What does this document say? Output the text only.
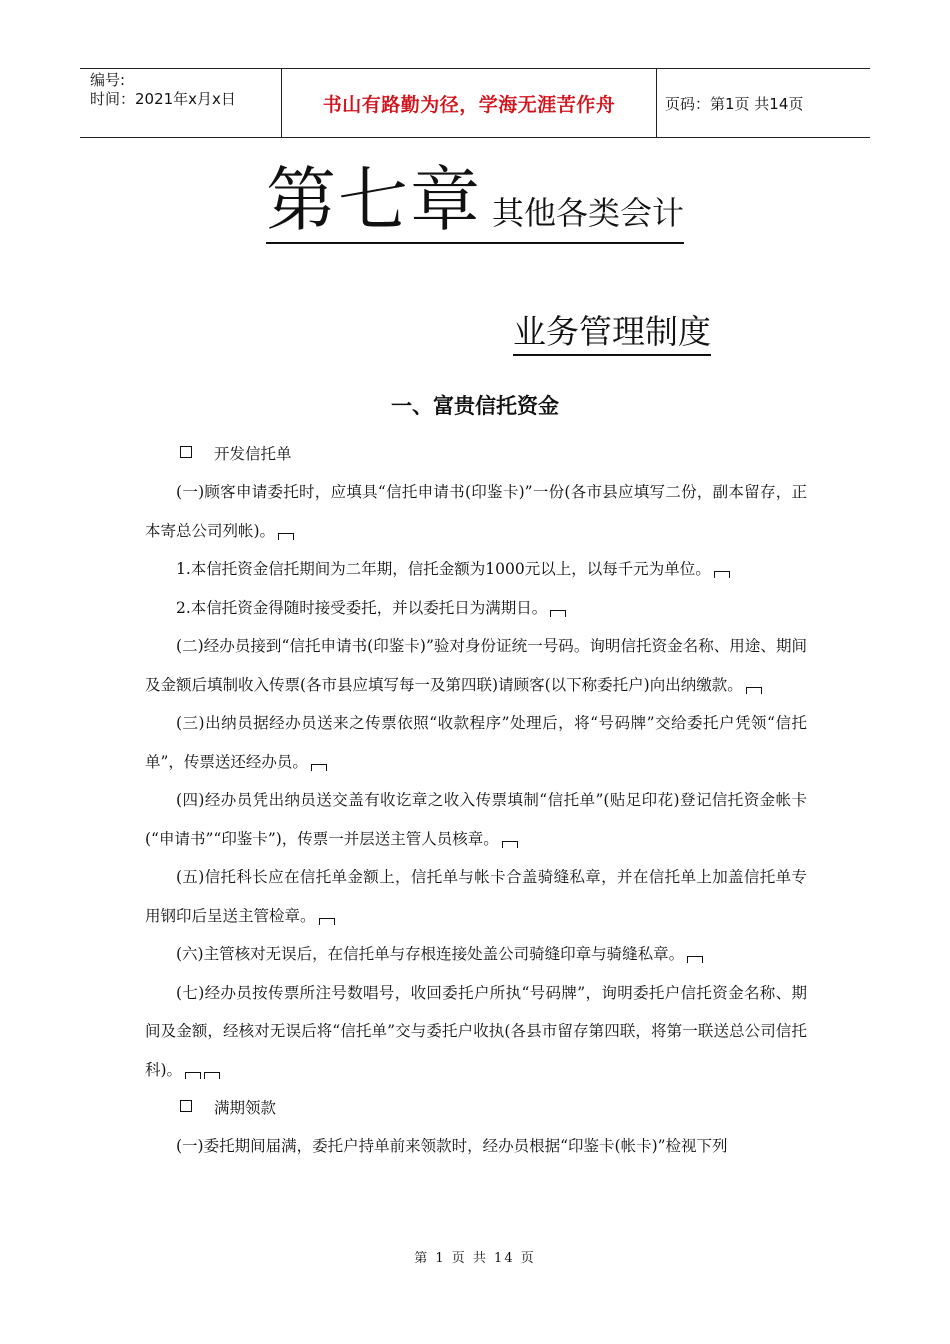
编号:
时间：2021年x月x日	书山有路勤为径，学海无涯苦作舟	页码：第1页 共14页
第七章 其他各类会计
业务管理制度
一、富贵信托资金
开发信托单
(一)顾客申请委托时，应填具“信托申请书(印鉴卡)”一份(各市县应填写二份，副本留存，正本寄总公司列帐)。
1.本信托资金信托期间为二年期，信托金额为1000元以上，以每千元为单位。
2.本信托资金得随时接受委托，并以委托日为满期日。
(二)经办员接到“信托申请书(印鉴卡)”验对身份证统一号码。询明信托资金名称、用途、期间及金额后填制收入传票(各市县应填写每一及第四联)请顾客(以下称委托户)向出纳缴款。
(三)出纳员据经办员送来之传票依照“收款程序”处理后，将“号码牌”交给委托户凭领“信托单”，传票送还经办员。
(四)经办员凭出纳员送交盖有收讫章之收入传票填制“信托单”(贴足印花)登记信托资金帐卡(“申请书”“印鉴卡”)，传票一并层送主管人员核章。
(五)信托科长应在信托单金额上，信托单与帐卡合盖骑缝私章，并在信托单上加盖信托单专用钢印后呈送主管检章。
(六)主管核对无误后，在信托单与存根连接处盖公司骑缝印章与骑缝私章。
(七)经办员按传票所注号数唱号，收回委托户所执“号码牌”，询明委托户信托资金名称、期间及金额，经核对无误后将“信托单”交与委托户收执(各县市留存第四联，将第一联送总公司信托科)。
满期领款
(一)委托期间届满，委托户持单前来领款时，经办员根据“印鉴卡(帐卡)”检视下列
第 1 页 共 14 页
